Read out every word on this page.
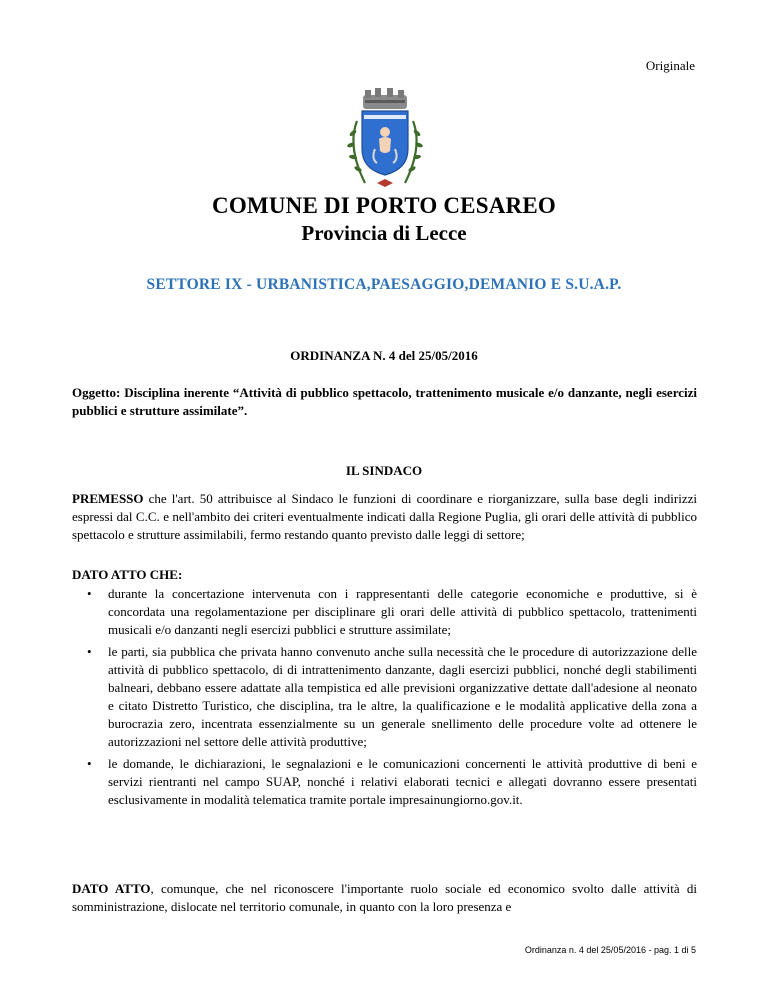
Originale
COMUNE DI PORTO CESAREO
Provincia di Lecce
SETTORE IX - URBANISTICA,PAESAGGIO,DEMANIO E S.U.A.P.
ORDINANZA N. 4 del 25/05/2016
Oggetto: Disciplina inerente “Attività di pubblico spettacolo, trattenimento musicale e/o danzante, negli esercizi pubblici e strutture assimilate”.
IL SINDACO
PREMESSO che l'art. 50 attribuisce al Sindaco le funzioni di coordinare e riorganizzare, sulla base degli indirizzi espressi dal C.C. e nell'ambito dei criteri eventualmente indicati dalla Regione Puglia, gli orari delle attività di pubblico spettacolo e strutture assimilabili, fermo restando quanto previsto dalle leggi di settore;
DATO ATTO CHE:
• durante la concertazione intervenuta con i rappresentanti delle categorie economiche e produttive, si è concordata una regolamentazione per disciplinare gli orari delle attività di pubblico spettacolo, trattenimenti musicali e/o danzanti negli esercizi pubblici e strutture assimilate;
• le parti, sia pubblica che privata hanno convenuto anche sulla necessità che le procedure di autorizzazione delle attività di pubblico spettacolo, di di intrattenimento danzante, dagli esercizi pubblici, nonché degli stabilimenti balneari, debbano essere adattate alla tempistica ed alle previsioni organizzative dettate dall'adesione al neonato e citato Distretto Turistico, che disciplina, tra le altre, la qualificazione e le modalità applicative della zona a burocrazia zero, incentrata essenzialmente su un generale snellimento delle procedure volte ad ottenere le autorizzazioni nel settore delle attività produttive;
• le domande, le dichiarazioni, le segnalazioni e le comunicazioni concernenti le attività produttive di beni e servizi rientranti nel campo SUAP, nonché i relativi elaborati tecnici e allegati dovranno essere presentati esclusivamente in modalità telematica tramite portale impresainungiorno.gov.it.
DATO ATTO, comunque, che nel riconoscere l'importante ruolo sociale ed economico svolto dalle attività di somministrazione, dislocate nel territorio comunale, in quanto con la loro presenza e
Ordinanza n. 4 del 25/05/2016 - pag. 1 di 5
